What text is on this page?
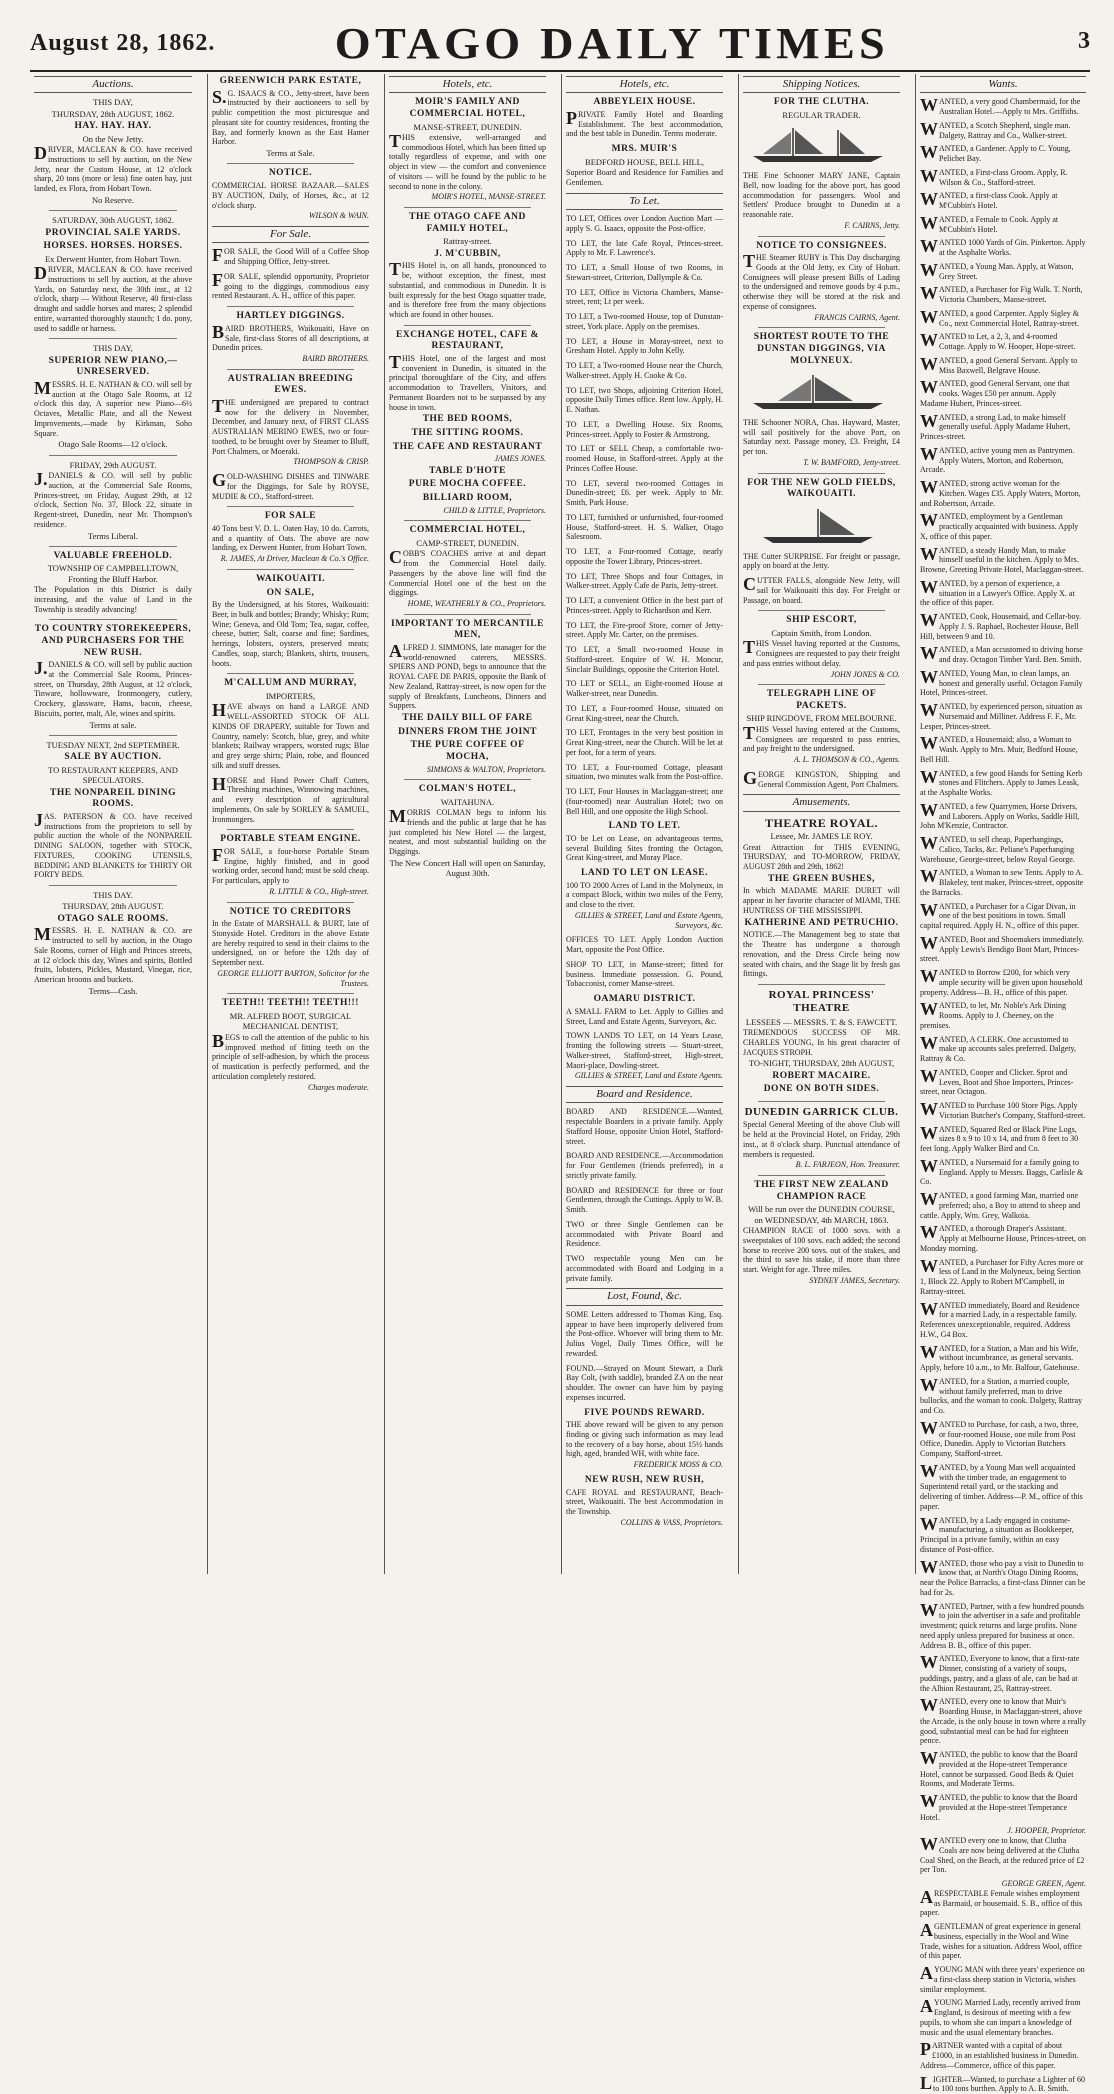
August 28, 1862.	OTAGO DAILY TIMES	3
Auctions.
THIS DAY,
THURSDAY, 28th AUGUST, 1862.
HAY. HAY. HAY.
On the New Jetty.

DRIVER, MACLEAN & CO. have received instructions to sell by auction, on the New Jetty, near the Custom House, at 12 o'clock sharp, 20 tons (more or less) fine oaten hay, just landed, ex Flora, from Hobart Town.

No Reserve.
SATURDAY, 30th AUGUST, 1862.
PROVINCIAL SALE YARDS.
HORSES. HORSES. HORSES.
Ex Derwent Hunter, from Hobart Town.

DRIVER, MACLEAN & CO. have received instructions to sell by auction, at the above Yards, on Saturday next, the 30th inst., at 12 o'clock, sharp — Without Reserve, 40 first-class draught and saddle horses and mares; 2 splendid entire, warranted thoroughly staunch; 1 do. pony, used to saddle or harness.

THIS DAY,
SUPERIOR NEW PIANO,—UNRESERVED.

MESSRS. H. E. NATHAN & CO. will sell by auction at the Otago Sale Rooms, at 12 o'clock this day, A superior new Piano—6½ Octaves, Metallic Plate, and all the Newest Improvements,—made by Kirkman, Soho Square.

Otago Sale Rooms—12 o'clock.
FRIDAY, 29th AUGUST.

J.DANIELS & CO. will sell by public auction, at the Commercial Sale Rooms, Princes-street, on Friday, August 29th, at 12 o'clock, Section No. 37, Block 22, situate in Regent-street, Dunedin, near Mr. Thompson's residence.

Terms Liberal.
VALUABLE FREEHOLD.
TOWNSHIP OF CAMPBELLTOWN, Fronting the Bluff Harbor.

The Population in this District is daily increasing, and the value of Land in the Township is steadily advancing!

TO COUNTRY STOREKEEPERS, AND PURCHASERS FOR THE NEW RUSH.

J.DANIELS & CO. will sell by public auction at the Commercial Sale Rooms, Princes-street, on Thursday, 28th August, at 12 o'clock, Tinware, hollowware, Ironmongery, cutlery, Crockery, glassware, Hams, bacon, cheese, Biscuits, porter, malt, Ale, wines and spirits.

Terms at sale.
TUESDAY NEXT, 2nd SEPTEMBER.
SALE BY AUCTION.
TO RESTAURANT KEEPERS, AND SPECULATORS.
THE NONPAREIL DINING ROOMS.

JAS. PATERSON & CO. have received instructions from the proprietors to sell by public auction the whole of the NONPAREIL DINING SALOON, together with STOCK, FIXTURES, COOKING UTENSILS, BEDDING AND BLANKETS for THIRTY OR FORTY BEDS.

THIS DAY.
THURSDAY, 28th AUGUST.
OTAGO SALE ROOMS.

MESSRS. H. E. NATHAN & CO. are instructed to sell by auction, in the Otago Sale Rooms, corner of High and Princes streets, at 12 o'clock this day, Wines and spirits, Bottled fruits, lobsters, Pickles, Mustard, Vinegar, rice, American brooms and buckets.

Terms—Cash.
GREENWICH PARK ESTATE,

S.G. ISAACS & CO., Jetty-street, have been instructed by their auctioneers to sell by public competition the most picturesque and pleasant site for country residences, fronting the Bay, and formerly known as the East Hamer Harbor.

Terms at Sale.
NOTICE.

COMMERCIAL HORSE BAZAAR.—SALES BY AUCTION, Daily, of Horses, &c., at 12 o'clock sharp.

WILSON & WAIN.
For Sale.

FOR SALE, the Good Will of a Coffee Shop and Shipping Office, Jetty-street.

FOR SALE, splendid opportunity, Proprietor going to the diggings, commodious easy rented Restaurant. A. H., office of this paper.

HARTLEY DIGGINGS.

BAIRD BROTHERS, Waikouaiti, Have on Sale, first-class Stores of all descriptions, at Dunedin prices.

BAIRD BROTHERS.
AUSTRALIAN BREEDING EWES.

THE undersigned are prepared to contract now for the delivery in November, December, and January next, of FIRST CLASS AUSTRALIAN MERINO EWES, two or four-toothed, to be brought over by Steamer to Bluff, Port Chalmers, or Moeraki.

THOMPSON & CRISP.

GOLD-WASHING DISHES and TINWARE for the Diggings, for Sale by ROYSE, MUDIE & CO., Stafford-street.

FOR SALE

40 Tons best V. D. L. Oaten Hay, 10 do. Carrots, and a quantity of Oats. The above are now landing, ex Derwent Hunter, from Hobart Town.

R. JAMES, At Driver, Maclean & Co.'s Office.
WAIKOUAITI.
ON SALE,

By the Undersigned, at his Stores, Waikouaiti: Beer, in bulk and bottles; Brandy; Whisky; Rum; Wine; Geneva, and Old Tom; Tea, sugar, coffee, cheese, butter; Salt, coarse and fine; Sardines, herrings, lobsters, oysters, preserved meats; Candles, soap, starch; Blankets, shirts, trousers, boots.

M'CALLUM AND MURRAY,
IMPORTERS,

HAVE always on hand a LARGE AND WELL-ASSORTED STOCK OF ALL KINDS OF DRAPERY, suitable for Town and Country, namely: Scotch, blue, grey, and white blankets; Railway wrappers, worsted rugs; Blue and grey serge shirts; Plain, robe, and flounced silk and stuff dresses.

HORSE and Hand Power Chaff Cutters, Threshing machines, Winnowing machines, and every description of agricultural implements. On sale by SORLEY & SAMUEL, Ironmongers.

PORTABLE STEAM ENGINE.

FOR SALE, a four-horse Portable Steam Engine, highly finished, and in good working order, second hand; must be sold cheap. For particulars, apply to

R. LITTLE & CO., High-street.
NOTICE TO CREDITORS

In the Estate of MARSHALL & BURT, late of Stonyside Hotel. Creditors in the above Estate are hereby required to send in their claims to the undersigned, on or before the 12th day of September next.

GEORGE ELLIOTT BARTON, Solicitor for the Trustees.
TEETH!! TEETH!! TEETH!!!
MR. ALFRED BOOT, SURGICAL MECHANICAL DENTIST,

BEGS to call the attention of the public to his improved method of fitting teeth on the principle of self-adhesion, by which the process of mastication is perfectly performed, and the articulation completely restored.

Charges moderate.
Hotels, etc.
MOIR'S FAMILY AND COMMERCIAL HOTEL,
MANSE-STREET, DUNEDIN.

THIS extensive, well-arranged and commodious Hotel, which has been fitted up totally regardless of expense, and with one object in view — the comfort and convenience of visitors — will be found by the public to be second to none in the colony.

MOIR'S HOTEL, MANSE-STREET.
THE OTAGO CAFE AND FAMILY HOTEL,
Rattray-street.
J. M'CUBBIN,

THIS Hotel is, on all hands, pronounced to be, without exception, the finest, most substantial, and commodious in Dunedin. It is built expressly for the best Otago squatter trade, and is therefore free from the many objections which are found in other houses.

EXCHANGE HOTEL, CAFE & RESTAURANT,

THIS Hotel, one of the largest and most convenient in Dunedin, is situated in the principal thoroughfare of the City, and offers accommodation to Travellers, Visitors, and Permanent Boarders not to be surpassed by any house in town.

THE BED ROOMS,
THE SITTING ROOMS.
THE CAFE AND RESTAURANT
JAMES JONES.
TABLE D'HOTE
PURE MOCHA COFFEE.
BILLIARD ROOM,
CHILD & LITTLE, Proprietors.
COMMERCIAL HOTEL,
CAMP-STREET, DUNEDIN.

COBB'S COACHES arrive at and depart from the Commercial Hotel daily. Passengers by the above line will find the Commercial Hotel one of the best on the diggings.

HOME, WEATHERLY & CO., Proprietors.
IMPORTANT TO MERCANTILE MEN,

ALFRED J. SIMMONS, late manager for the world-renowned caterers, MESSRS. SPIERS AND POND, begs to announce that the ROYAL CAFE DE PARIS, opposite the Bank of New Zealand, Rattray-street, is now open for the supply of Breakfasts, Luncheons, Dinners and Suppers.

THE DAILY BILL OF FARE
DINNERS FROM THE JOINT
THE PURE COFFEE OF MOCHA,
SIMMONS & WALTON, Proprietors.
COLMAN'S HOTEL,
WAITAHUNA.

MORRIS COLMAN begs to inform his friends and the public at large that he has just completed his New Hotel — the largest, neatest, and most substantial building on the Diggings.

The New Concert Hall will open on Saturday, August 30th.
Hotels, etc.
ABBEYLEIX HOUSE.

PRIVATE Family Hotel and Boarding Establishment. The best accommodation, and the best table in Dunedin. Terms moderate.

MRS. MUIR'S
BEDFORD HOUSE, BELL HILL,

Superior Board and Residence for Families and Gentlemen.

To Let.

TO LET, Offices over London Auction Mart — apply S. G. Isaacs, opposite the Post-office.

TO LET, the late Cafe Royal, Princes-street. Apply to Mr. F. Lawrence's.

TO LET, a Small House of two Rooms, in Stewart-street, Criterion, Dallymple & Co.

TO LET, Office in Victoria Chambers, Manse-street, rent; Lt per week.

TO LET, a Two-roomed House, top of Dunstan-street, York place. Apply on the premises.

TO LET, a House in Moray-street, next to Gresham Hotel. Apply to John Kelly.

TO LET, a Two-roomed House near the Church, Walker-street. Apply H. Cooke & Co.

TO LET, two Shops, adjoining Criterion Hotel, opposite Daily Times office. Rent low. Apply, H. E. Nathan.

TO LET, a Dwelling House. Six Rooms, Princes-street. Apply to Foster & Armstrong.

TO LET or SELL Cheap, a comfortable two-roomed House, in Stafford-street. Apply at the Princes Coffee House.

TO LET, several two-roomed Cottages in Dunedin-street; £6. per week. Apply to Mr. Smith, Park House.

TO LET, furnished or unfurnished, four-roomed House, Stafford-street. H. S. Walker, Otago Salesroom.

TO LET, a Four-roomed Cottage, nearly opposite the Tower Library, Princes-street.

TO LET, Three Shops and four Cottages, in Walker-street. Apply Cafe de Paris, Jetty-street.

TO LET, a convenient Office in the best part of Princes-street. Apply to Richardson and Kerr.

TO LET, the Fire-proof Store, corner of Jetty-street. Apply Mr. Carter, on the premises.

TO LET, a Small two-roomed House in Stafford-street. Enquire of W. H. Moncur, Sinclair Buildings, opposite the Criterion Hotel.

TO LET or SELL, an Eight-roomed House at Walker-street, near Dunedin.

TO LET, a Four-roomed House, situated on Great King-street, near the Church.

TO LET, Frontages in the very best position in Great King-street, near the Church. Will be let at per foot, for a term of years.

TO LET, a Four-roomed Cottage, pleasant situation, two minutes walk from the Post-office.

TO LET, Four Houses in Maclaggan-street; one (four-roomed) near Australian Hotel; two on Bell Hill, and one opposite the High School.

LAND TO LET.

TO be Let on Lease, on advantageous terms, several Building Sites fronting the Octagon, Great King-street, and Moray Place.

LAND TO LET ON LEASE.

100 TO 2000 Acres of Land in the Molyneux, in a compact Block, within two miles of the Ferry, and close to the river.

GILLIES & STREET, Land and Estate Agents, Surveyors, &c.

OFFICES TO LET. Apply London Auction Mart, opposite the Post Office.

SHOP TO LET, in Manse-street; fitted for business. Immediate possession. G. Pound, Tobacconist, corner Manse-street.

OAMARU DISTRICT.

A SMALL FARM to Let. Apply to Gillies and Street, Land and Estate Agents, Surveyors, &c.

TOWN LANDS TO LET, on 14 Years Lease, fronting the following streets — Stuart-street, Walker-street, Stafford-street, High-street, Maori-place, Dowling-street.

GILLIES & STREET, Land and Estate Agents.
Board and Residence.

BOARD AND RESIDENCE.—Wanted, respectable Boarders in a private family. Apply Stafford House, opposite Union Hotel, Stafford-street.

BOARD AND RESIDENCE.—Accommodation for Four Gentlemen (friends preferred), in a strictly private family.

BOARD and RESIDENCE for three or four Gentlemen, through the Cuttings. Apply to W. B. Smith.

TWO or three Single Gentlemen can be accommodated with Private Board and Residence.

TWO respectable young Men can be accommodated with Board and Lodging in a private family.

Lost, Found, &c.

SOME Letters addressed to Thomas King, Esq. appear to have been improperly delivered from the Post-office. Whoever will bring them to Mr. Julius Vogel, Daily Times Office, will be rewarded.

FOUND.—Strayed on Mount Stewart, a Dark Bay Colt, (with saddle), branded ZA on the near shoulder. The owner can have him by paying expenses incurred.

FIVE POUNDS REWARD.

THE above reward will be given to any person finding or giving such information as may lead to the recovery of a bay horse, about 15½ hands high, aged, branded WH, with white face.

FREDERICK MOSS & CO.
NEW RUSH, NEW RUSH,

CAFE ROYAL and RESTAURANT, Beach-street, Waikouaiti. The best Accommodation in the Township.

COLLINS & VASS, Proprietors.
Shipping Notices.
FOR THE CLUTHA.
REGULAR TRADER.

THE Fine Schooner MARY JANE, Captain Bell, now loading for the above port, has good accommodation for passengers. Wool and Settlers' Produce brought to Dunedin at a reasonable rate.

F. CAIRNS, Jetty.
NOTICE TO CONSIGNEES.

THE Steamer RUBY is This Day discharging Goods at the Old Jetty, ex City of Hobart. Consignees will please present Bills of Lading to the undersigned and remove goods by 4 p.m., otherwise they will be stored at the risk and expense of consignees.

FRANCIS CAIRNS, Agent.
SHORTEST ROUTE TO THE DUNSTAN DIGGINGS, VIA MOLYNEUX.

THE Schooner NORA, Chas. Hayward, Master, will sail positively for the above Port, on Saturday next. Passage money, £3. Freight, £4 per ton.

T. W. BAMFORD, Jetty-street.
FOR THE NEW GOLD FIELDS, WAIKOUAITI.

THE Cutter SURPRISE. For freight or passage, apply on board at the Jetty.

CUTTER FALLS, alongside New Jetty, will sail for Waikouaiti this day. For Freight or Passage, on board.

SHIP ESCORT,
Captain Smith, from London.

THIS Vessel having reported at the Customs, Consignees are requested to pay their freight and pass entries without delay.

JOHN JONES & CO.
TELEGRAPH LINE OF PACKETS.
SHIP RINGDOVE, FROM MELBOURNE.

THIS Vessel having entered at the Customs, Consignees are requested to pass entries, and pay freight to the undersigned.

A. L. THOMSON & CO., Agents.

GEORGE KINGSTON, Shipping and General Commission Agent, Port Chalmers.

Amusements.
THEATRE ROYAL.
Lessee, Mr. JAMES LE ROY.

Great Attraction for THIS EVENING, THURSDAY, and TO-MORROW, FRIDAY, AUGUST 28th and 29th, 1862!

THE GREEN BUSHES,

In which MADAME MARIE DURET will appear in her favorite character of MIAMI, THE HUNTRESS OF THE MISSISSIPPI.

KATHERINE AND PETRUCHIO.

NOTICE.—The Management beg to state that the Theatre has undergone a thorough renovation, and the Dress Circle being now seated with chairs, and the Stage lit by fresh gas fittings.

ROYAL PRINCESS' THEATRE
LESSEES — MESSRS. T. & S. FAWCETT.

TREMENDOUS SUCCESS OF MR. CHARLES YOUNG, In his great character of JACQUES STROPH.

TO-NIGHT, THURSDAY, 28th AUGUST,
ROBERT MACAIRE.
DONE ON BOTH SIDES.
DUNEDIN GARRICK CLUB.

Special General Meeting of the above Club will be held at the Provincial Hotel, on Friday, 29th inst., at 8 o'clock sharp. Punctual attendance of members is requested.

B. L. FARJEON, Hon. Treasurer.
THE FIRST NEW ZEALAND CHAMPION RACE
Will be run over the DUNEDIN COURSE, on WEDNESDAY, 4th MARCH, 1863.

CHAMPION RACE of 1000 sovs. with a sweepstakes of 100 sovs. each added; the second horse to receive 200 sovs. out of the stakes, and the third to save his stake, if more than three start. Weight for age. Three miles.

SYDNEY JAMES, Secretary.
Wants.

WANTED, a very good Chambermaid, for the Australian Hotel.—Apply to Mrs. Griffiths.

WANTED, a Scotch Shepherd, single man. Dalgety, Rattray and Co., Walker-street.

WANTED, a Gardener. Apply to C. Young, Pelichet Bay.

WANTED, a First-class Groom. Apply, R. Wilson & Co., Stafford-street.

WANTED, a first-class Cook. Apply at M'Cubbin's Hotel.

WANTED, a Female to Cook. Apply at M'Cubbin's Hotel.

WANTED 1000 Yards of Gin. Pinkerton. Apply at the Asphalte Works.

WANTED, a Young Man. Apply, at Watson, Grey Street.

WANTED, a Purchaser for Fig Walk. T. North, Victoria Chambers, Manse-street.

WANTED, a good Carpenter. Apply Sigley & Co., next Commercial Hotel, Rattray-street.

WANTED to Let, a 2, 3, and 4-roomed Cottage. Apply to W. Hooper, Hope-street.

WANTED, a good General Servant. Apply to Miss Baxwell, Belgrave House.

WANTED, good General Servant, one that cooks. Wages £50 per annum. Apply Madame Hubert, Princes-street.

WANTED, a strong Lad, to make himself generally useful. Apply Madame Hubert, Princes-street.

WANTED, active young men as Pantrymen. Apply Waters, Morton, and Robertson, Arcade.

WANTED, strong active woman for the Kitchen. Wages £35. Apply Waters, Morton, and Robertson, Arcade.

WANTED, employment by a Gentleman practically acquainted with business. Apply X, office of this paper.

WANTED, a steady Handy Man, to make himself useful in the kitchen. Apply to Mrs. Browne, Greeting Private Hotel, Maclaggan-street.

WANTED, by a person of experience, a situation in a Lawyer's Office. Apply X. at the office of this paper.

WANTED, Cook, Housemaid, and Cellar-boy. Apply J. S. Raphael, Rochester House, Bell Hill, between 9 and 10.

WANTED, a Man accustomed to driving horse and dray. Octagon Timber Yard. Ben. Smith.

WANTED, Young Man, to clean lamps, an honest and generally useful. Octagon Family Hotel, Princes-street.

WANTED, by experienced person, situation as Nursemaid and Milliner. Address F. F., Mr. Lesper, Princes-street.

WANTED, a Housemaid; also, a Woman to Wash. Apply to Mrs. Muir, Bedford House, Bell Hill.

WANTED, a few good Hands for Setting Kerb stones and Flitchers. Apply to James Leask, at the Asphalte Works.

WANTED, a few Quarrymen, Horse Drivers, and Laborers. Apply on Works, Saddle Hill, John M'Kenzie, Contractor.

WANTED, to sell cheap, Paperhangings, Calico, Tacks, &c. Peliane's Paperhanging Warehouse, George-street, below Royal George.

WANTED, a Woman to sew Tents. Apply to A. Blakeley, tent maker, Princes-street, opposite the Barracks.

WANTED, a Purchaser for a Cigar Divan, in one of the best positions in town. Small capital required. Apply H. N., office of this paper.

WANTED, Boot and Shoemakers immediately. Apply Lewis's Bendigo Boot Mart, Princes-street.

WANTED to Borrow £200, for which very ample security will be given upon household property. Address—B. H., office of this paper.

WANTED, to let, Mr. Noble's Ark Dining Rooms. Apply to J. Cheeney, on the premises.

WANTED, A CLERK. One accustomed to make up accounts sales preferred. Dalgety, Rattray & Co.

WANTED, Cooper and Clicker. Sprot and Leven, Boot and Shoe Importers, Princes-street, near Octagon.

WANTED to Purchase 100 Store Pigs. Apply Victorian Butcher's Company, Stafford-street.

WANTED, Squared Red or Black Pine Logs, sizes 8 x 9 to 10 x 14, and from 8 feet to 30 feet long. Apply Walker Bird and Co.

WANTED, a Nursemaid for a family going to England. Apply to Messrs. Baggs, Carlisle & Co.

WANTED, a good farming Man, married one preferred; also, a Boy to attend to sheep and cattle. Apply, Wm. Grey, Walkoia.

WANTED, a thorough Draper's Assistant. Apply at Melbourne House, Princes-street, on Monday morning.

WANTED, a Purchaser for Fifty Acres more or less of Land in the Molyneux, being Section 1, Block 22. Apply to Robert M'Campbell, in Rattray-street.

WANTED immediately, Board and Residence for a married Lady, in a respectable family. References unexceptionable, required. Address H.W., G4 Box.

WANTED, for a Station, a Man and his Wife, without incumbrance, as general servants. Apply, before 10 a.m., to Mr. Balfour, Gatehouse.

WANTED, for a Station, a married couple, without family preferred, man to drive bullocks, and the woman to cook. Dalgety, Rattray and Co.

WANTED to Purchase, for cash, a two, three, or four-roomed House, one mile from Post Office, Dunedin. Apply to Victorian Butchers Company, Stafford-street.

WANTED, by a Young Man well acquainted with the timber trade, an engagement to Superintend retail yard, or the stacking and delivering of timber. Address—P. M., office of this paper.

WANTED, by a Lady engaged in costume-manufacturing, a situation as Bookkeeper, Principal in a private family, within an easy distance of Post-office.

WANTED, those who pay a visit to Dunedin to know that, at North's Otago Dining Rooms, near the Police Barracks, a first-class Dinner can be had for 2s.

WANTED, Partner, with a few hundred pounds to join the advertiser in a safe and profitable investment; quick returns and large profits. None need apply unless prepared for business at once. Address B. B., office of this paper.

WANTED, Everyone to know, that a first-rate Dinner, consisting of a variety of soups, puddings, pastry, and a glass of ale, can be had at the Albion Restaurant, 25, Rattray-street.

WANTED, every one to know that Muir's Boarding House, in Maclaggan-street, above the Arcade, is the only house in town where a really good, substantial meal can be had for eighteen pence.

WANTED, the public to know that the Board provided at the Hope-street Temperance Hotel, cannot be surpassed. Good Beds & Quiet Rooms, and Moderate Terms.

WANTED, the public to know that the Board provided at the Hope-street Temperance Hotel.

J. HOOPER, Proprietor.

WANTED every one to know, that Clutha Coals are now being delivered at the Clutha Coal Shed, on the Beach, at the reduced price of £2 per Ton.

GEORGE GREEN, Agent.

ARESPECTABLE Female wishes employment as Barmaid, or housemaid. S. B., office of this paper.

AGENTLEMAN of great experience in general business, especially in the Wool and Wine Trade, wishes for a situation. Address Wool, office of this paper.

AYOUNG MAN with three years' experience on a first-class sheep station in Victoria, wishes similar employment.

AYOUNG Married Lady, recently arrived from England, is desirous of meeting with a few pupils, to whom she can impart a knowledge of music and the usual elementary branches.

PARTNER wanted with a capital of about £1000, in an established business in Dunedin. Address—Commerce, office of this paper.

LIGHTER—Wanted, to purchase a Lighter of 60 to 100 tons burthen. Apply to A. B. Smith.
